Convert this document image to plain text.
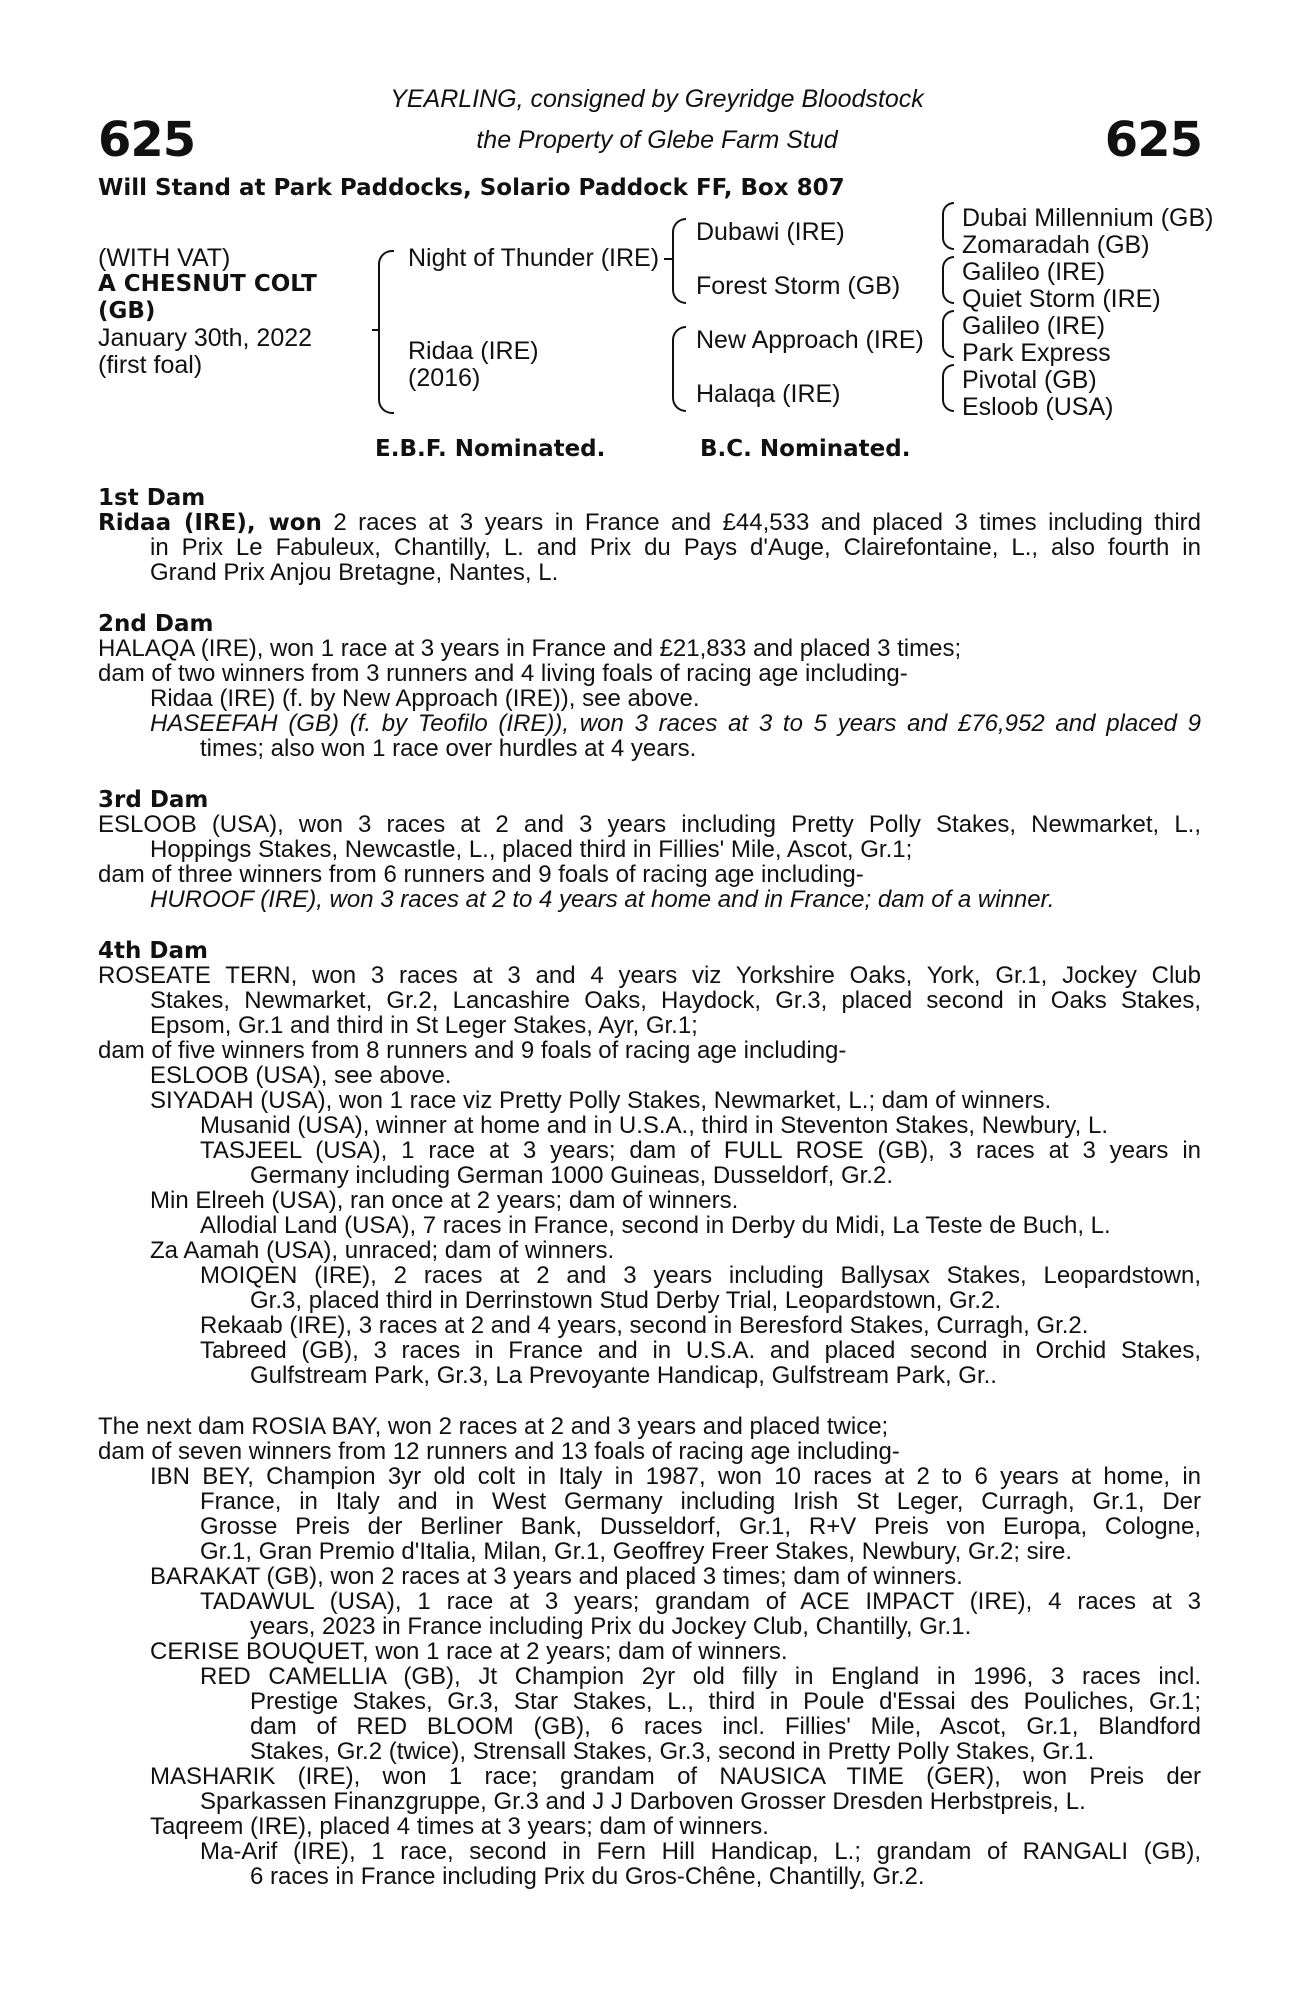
625	625
YEARLING, consigned by Greyridge Bloodstock
the Property of Glebe Farm Stud
Will Stand at Park Paddocks, Solario Paddock FF, Box 807
(WITH VAT)
A CHESNUT COLT
(GB)
January 30th, 2022
(first foal)
Night of Thunder (IRE)
Ridaa (IRE)
(2016)
Dubawi (IRE)
Forest Storm (GB)
New Approach (IRE)
Halaqa (IRE)
Dubai Millennium (GB)
Zomaradah (GB)
Galileo (IRE)
Quiet Storm (IRE)
Galileo (IRE)
Park Express
Pivotal (GB)
Esloob (USA)
E.B.F. Nominated.	B.C. Nominated.
1st Dam
Ridaa (IRE), won 2 races at 3 years in France and £44,533 and placed 3 times including third
in Prix Le Fabuleux, Chantilly, L. and Prix du Pays d'Auge, Clairefontaine, L., also fourth in
Grand Prix Anjou Bretagne, Nantes, L.
2nd Dam
HALAQA (IRE), won 1 race at 3 years in France and £21,833 and placed 3 times;
dam of two winners from 3 runners and 4 living foals of racing age including-
Ridaa (IRE) (f. by New Approach (IRE)), see above.
HASEEFAH (GB) (f. by Teofilo (IRE)), won 3 races at 3 to 5 years and £76,952 and placed 9
times; also won 1 race over hurdles at 4 years.
3rd Dam
ESLOOB (USA), won 3 races at 2 and 3 years including Pretty Polly Stakes, Newmarket, L.,
Hoppings Stakes, Newcastle, L., placed third in Fillies' Mile, Ascot, Gr.1;
dam of three winners from 6 runners and 9 foals of racing age including-
HUROOF (IRE), won 3 races at 2 to 4 years at home and in France; dam of a winner.
4th Dam
ROSEATE TERN, won 3 races at 3 and 4 years viz Yorkshire Oaks, York, Gr.1, Jockey Club
Stakes, Newmarket, Gr.2, Lancashire Oaks, Haydock, Gr.3, placed second in Oaks Stakes,
Epsom, Gr.1 and third in St Leger Stakes, Ayr, Gr.1;
dam of five winners from 8 runners and 9 foals of racing age including-
ESLOOB (USA), see above.
SIYADAH (USA), won 1 race viz Pretty Polly Stakes, Newmarket, L.; dam of winners.
Musanid (USA), winner at home and in U.S.A., third in Steventon Stakes, Newbury, L.
TASJEEL (USA), 1 race at 3 years; dam of FULL ROSE (GB), 3 races at 3 years in
Germany including German 1000 Guineas, Dusseldorf, Gr.2.
Min Elreeh (USA), ran once at 2 years; dam of winners.
Allodial Land (USA), 7 races in France, second in Derby du Midi, La Teste de Buch, L.
Za Aamah (USA), unraced; dam of winners.
MOIQEN (IRE), 2 races at 2 and 3 years including Ballysax Stakes, Leopardstown,
Gr.3, placed third in Derrinstown Stud Derby Trial, Leopardstown, Gr.2.
Rekaab (IRE), 3 races at 2 and 4 years, second in Beresford Stakes, Curragh, Gr.2.
Tabreed (GB), 3 races in France and in U.S.A. and placed second in Orchid Stakes,
Gulfstream Park, Gr.3, La Prevoyante Handicap, Gulfstream Park, Gr..
The next dam ROSIA BAY, won 2 races at 2 and 3 years and placed twice;
dam of seven winners from 12 runners and 13 foals of racing age including-
IBN BEY, Champion 3yr old colt in Italy in 1987, won 10 races at 2 to 6 years at home, in
France, in Italy and in West Germany including Irish St Leger, Curragh, Gr.1, Der
Grosse Preis der Berliner Bank, Dusseldorf, Gr.1, R+V Preis von Europa, Cologne,
Gr.1, Gran Premio d'Italia, Milan, Gr.1, Geoffrey Freer Stakes, Newbury, Gr.2; sire.
BARAKAT (GB), won 2 races at 3 years and placed 3 times; dam of winners.
TADAWUL (USA), 1 race at 3 years; grandam of ACE IMPACT (IRE), 4 races at 3
years, 2023 in France including Prix du Jockey Club, Chantilly, Gr.1.
CERISE BOUQUET, won 1 race at 2 years; dam of winners.
RED CAMELLIA (GB), Jt Champion 2yr old filly in England in 1996, 3 races incl.
Prestige Stakes, Gr.3, Star Stakes, L., third in Poule d'Essai des Pouliches, Gr.1;
dam of RED BLOOM (GB), 6 races incl. Fillies' Mile, Ascot, Gr.1, Blandford
Stakes, Gr.2 (twice), Strensall Stakes, Gr.3, second in Pretty Polly Stakes, Gr.1.
MASHARIK (IRE), won 1 race; grandam of NAUSICA TIME (GER), won Preis der
Sparkassen Finanzgruppe, Gr.3 and J J Darboven Grosser Dresden Herbstpreis, L.
Taqreem (IRE), placed 4 times at 3 years; dam of winners.
Ma-Arif (IRE), 1 race, second in Fern Hill Handicap, L.; grandam of RANGALI (GB),
6 races in France including Prix du Gros-Chêne, Chantilly, Gr.2.
